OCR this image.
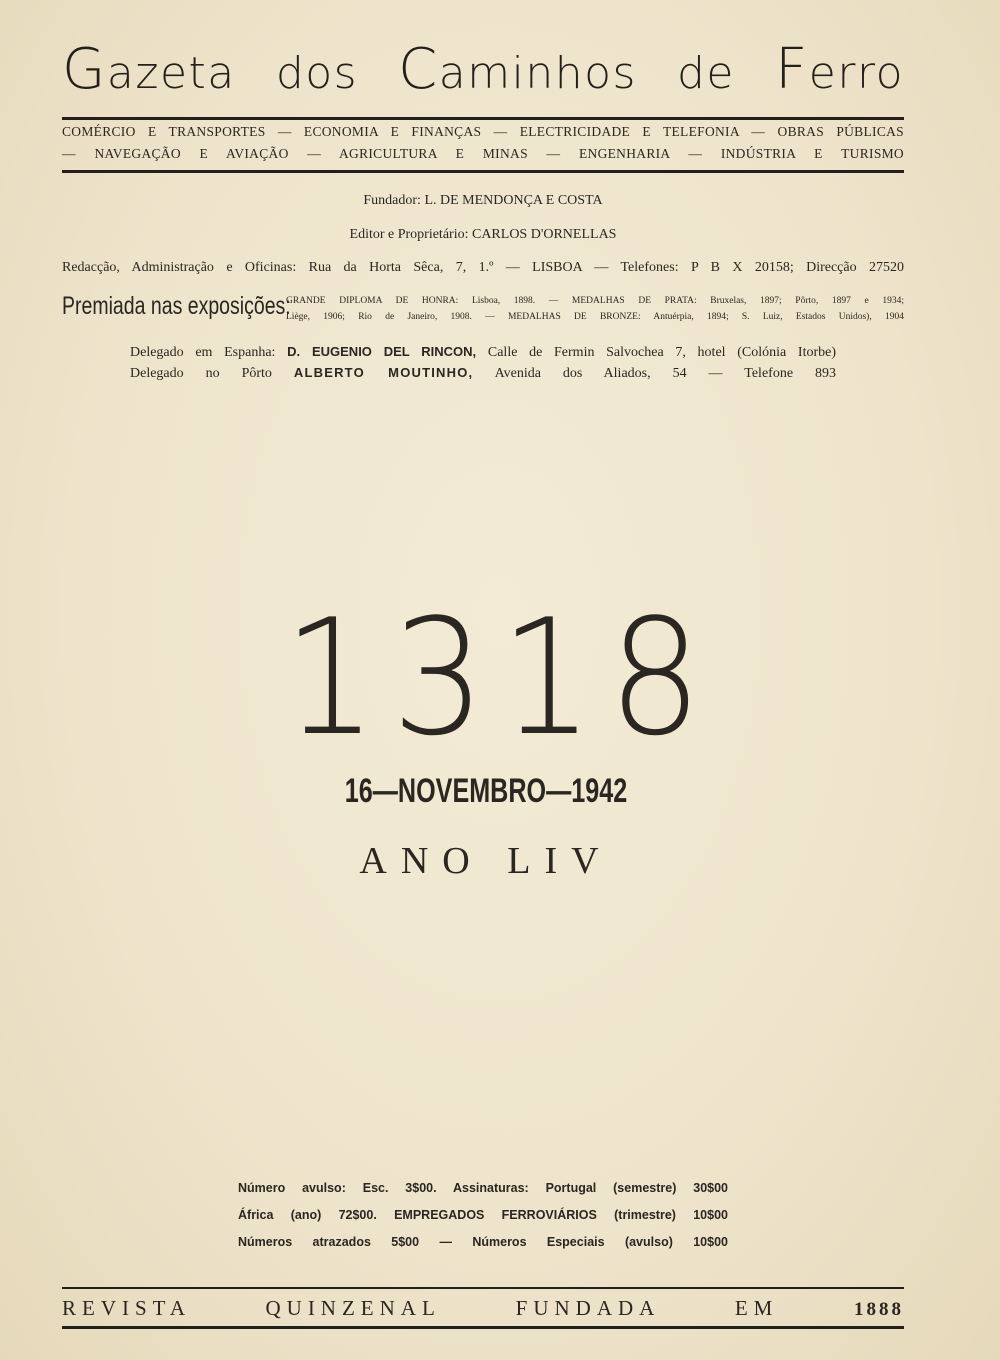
Gazeta dos Caminhos de Ferro
COMÉRCIO E TRANSPORTES — ECONOMIA E FINANÇAS — ELECTRICIDADE E TELEFONIA — OBRAS PÚBLICAS
— NAVEGAÇÃO E AVIAÇÃO — AGRICULTURA E MINAS — ENGENHARIA — INDÚSTRIA E TURISMO
Fundador: L. DE MENDONÇA E COSTA
Editor e Proprietário: CARLOS D'ORNELLAS
Redacção, Administração e Oficinas: Rua da Horta Sêca, 7, 1.º — LISBOA — Telefones: P B X 20158; Direcção 27520
Premiada nas exposições:
GRANDE DIPLOMA DE HONRA: Lisboa, 1898. — MEDALHAS DE PRATA: Bruxelas, 1897; Pôrto, 1897 e 1934;
Liège, 1906; Rio de Janeiro, 1908. — MEDALHAS DE BRONZE: Antuérpia, 1894; S. Luiz, Estados Unidos), 1904
Delegado em Espanha: D. EUGENIO DEL RINCON, Calle de Fermin Salvochea 7, hotel (Colónia Itorbe)
Delegado no Pôrto ALBERTO MOUTINHO, Avenida dos Aliados, 54 — Telefone 893
1318
16—NOVEMBRO—1942
ANO LIV
Número avulso: Esc. 3$00. Assinaturas: Portugal (semestre) 30$00
África (ano) 72$00. EMPREGADOS FERROVIÁRIOS (trimestre) 10$00
Números atrazados 5$00 — Números Especiais (avulso) 10$00
REVISTA QUINZENAL FUNDADA EM	1888
